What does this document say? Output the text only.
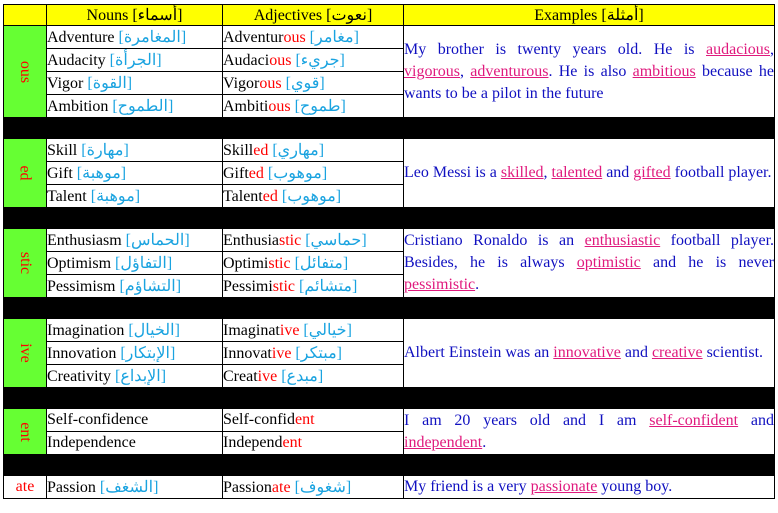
	Nouns [أسماء]	Adjectives [نعوت]	Examples [أمثلة]
ous	Adventure [المغامرة]	Adventurous [مغامر]	My brother is twenty years old. He is audacious, vigorous, adventurous. He is also ambitious because he wants to be a pilot in the future
	Audacity [الجرأة]	Audacious [جريء]	
	Vigor [القوة]	Vigorous [قوي]	
	Ambition [الطموح]	Ambitious [طموح]	

ed	Skill [مهارة]	Skilled [مهاري]	Leo Messi is a skilled, talented and gifted football player.
	Gift [موهبة]	Gifted [موهوب]	
	Talent [موهبة]	Talented [موهوب]	

stic	Enthusiasm [الحماس]	Enthusiastic [حماسي]	Cristiano Ronaldo is an enthusiastic football player. Besides, he is always optimistic and he is never pessimistic.
	Optimism [التفاؤل]	Optimistic [متفائل]	
	Pessimism [التشاؤم]	Pessimistic [متشائم]	

ive	Imagination [الخيال]	Imaginative [خيالي]	Albert Einstein was an innovative and creative scientist.
	Innovation [الإبتكار]	Innovative [مبتكر]	
	Creativity [الإبداع]	Creative [مبدع]	

ent	Self-confidence	Self-confident	I am 20 years old and I am self-confident and independent.
	Independence	Independent	

ate	Passion [الشغف]	Passionate [شغوف]	My friend is a very passionate young boy.
